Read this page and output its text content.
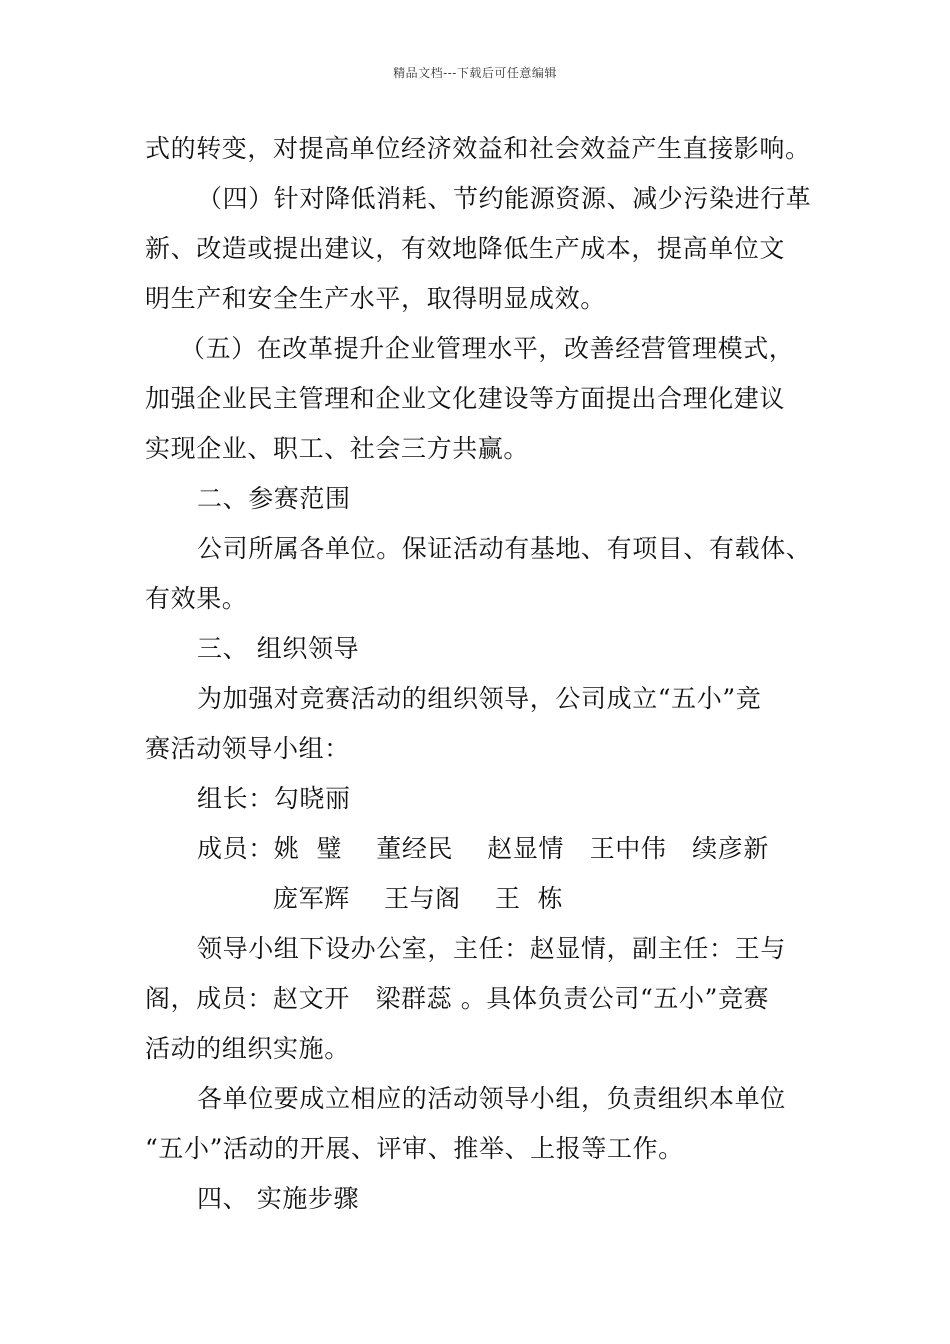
精品文档---下载后可任意编辑
式的转变，对提高单位经济效益和社会效益产生直接影响。
（四）针对降低消耗、节约能源资源、减少污染进行革
新、改造或提出建议，有效地降低生产成本，提高单位文
明生产和安全生产水平，取得明显成效。
（五）在改革提升企业管理水平，改善经营管理模式，
加强企业民主管理和企业文化建设等方面提出合理化建议
实现企业、职工、社会三方共赢。
二、参赛范围
公司所属各单位。保证活动有基地、有项目、有载体、
有效果。
三、 组织领导
为加强对竞赛活动的组织领导，公司成立“五小”竞
赛活动领导小组：
组长：勾晓丽
成员：姚  璧    董经民    赵显情   王中伟   续彦新
庞军辉    王与阁    王  栋
领导小组下设办公室，主任：赵显情，副主任：王与
阁，成员：赵文开   梁群蕊 。具体负责公司“五小”竞赛
活动的组织实施。
各单位要成立相应的活动领导小组，负责组织本单位
“五小”活动的开展、评审、推举、上报等工作。
四、 实施步骤
